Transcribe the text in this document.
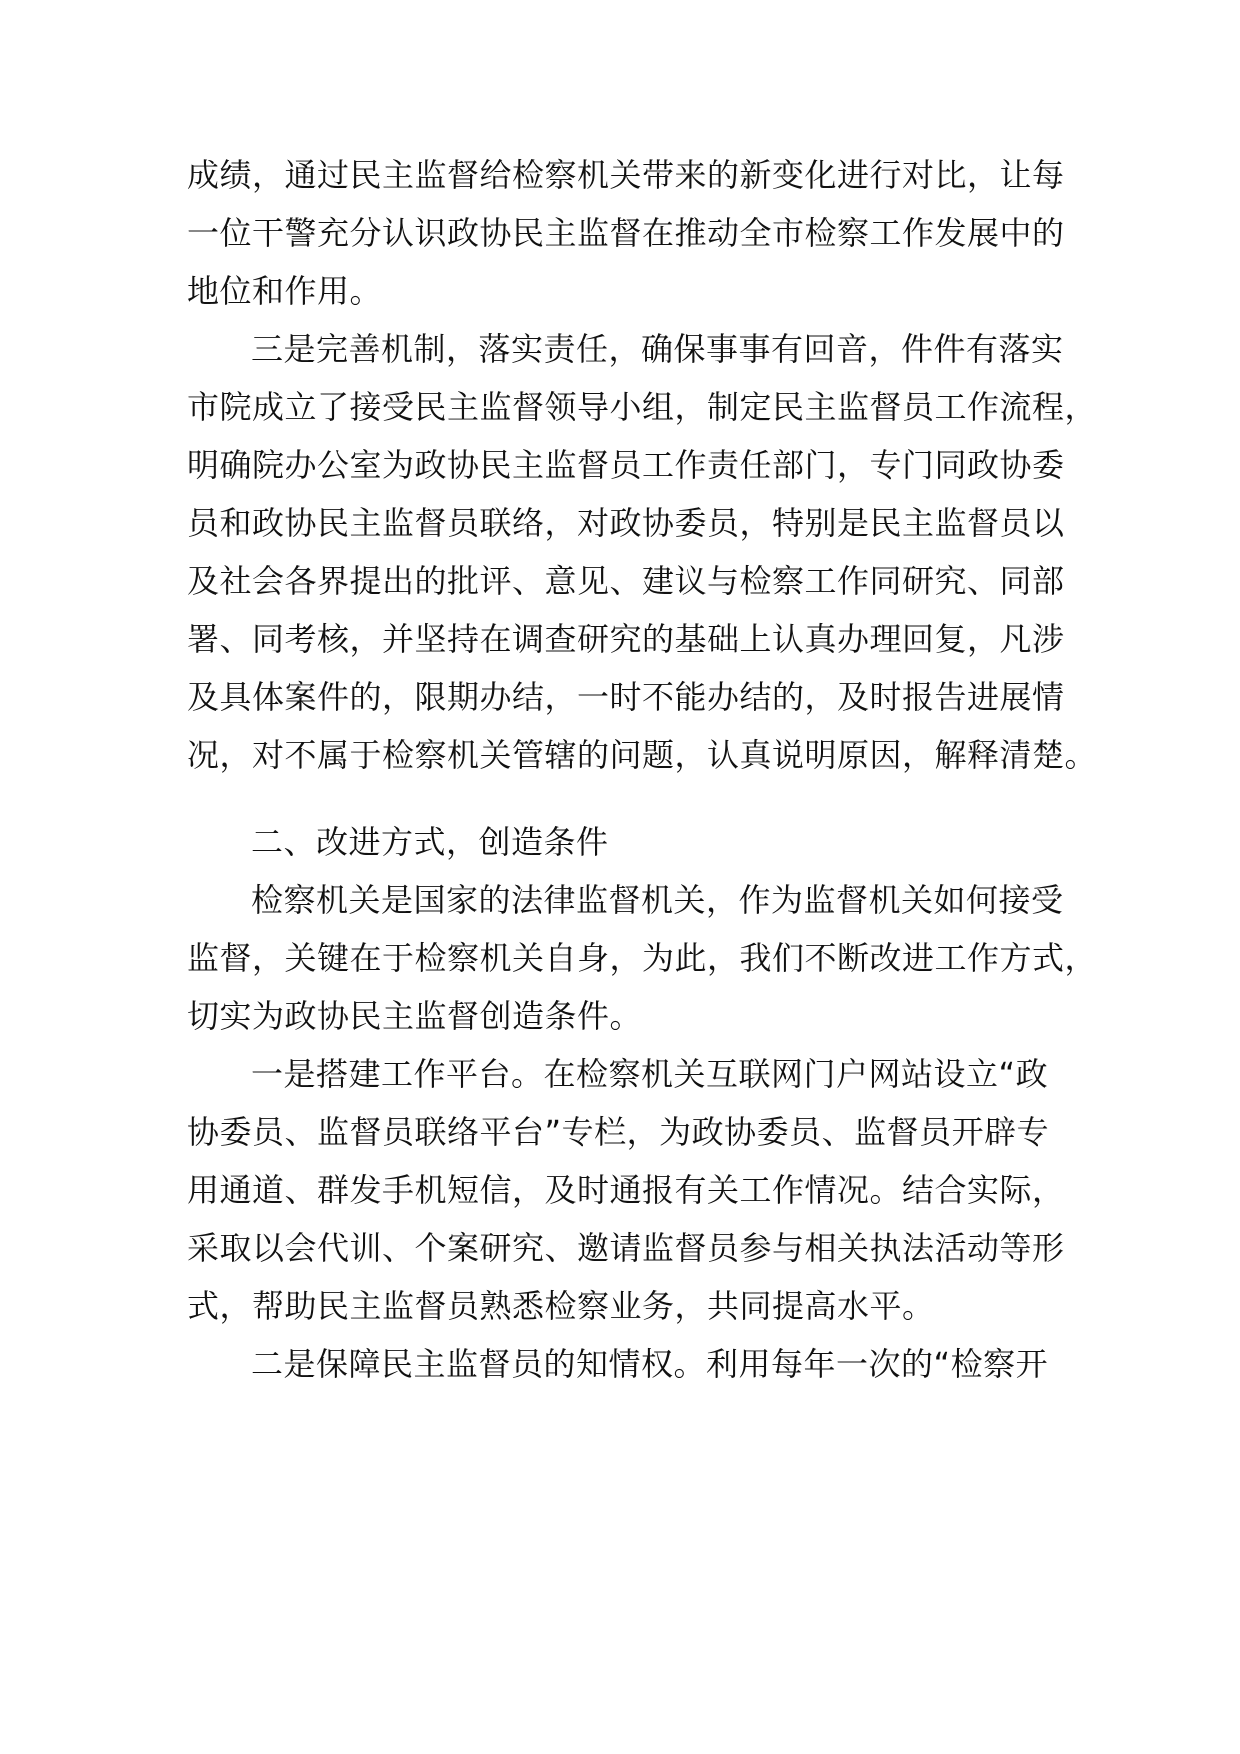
成绩，通过民主监督给检察机关带来的新变化进行对比，让每
一位干警充分认识政协民主监督在推动全市检察工作发展中的
地位和作用。
三是完善机制，落实责任，确保事事有回音，件件有落实
市院成立了接受民主监督领导小组，制定民主监督员工作流程，
明确院办公室为政协民主监督员工作责任部门，专门同政协委
员和政协民主监督员联络，对政协委员，特别是民主监督员以
及社会各界提出的批评、意见、建议与检察工作同研究、同部
署、同考核，并坚持在调查研究的基础上认真办理回复，凡涉
及具体案件的，限期办结，一时不能办结的，及时报告进展情
况，对不属于检察机关管辖的问题，认真说明原因，解释清楚。
二、改进方式，创造条件
检察机关是国家的法律监督机关，作为监督机关如何接受
监督，关键在于检察机关自身，为此，我们不断改进工作方式，
切实为政协民主监督创造条件。
一是搭建工作平台。在检察机关互联网门户网站设立“政
协委员、监督员联络平台”专栏，为政协委员、监督员开辟专
用通道、群发手机短信，及时通报有关工作情况。结合实际，
采取以会代训、个案研究、邀请监督员参与相关执法活动等形
式，帮助民主监督员熟悉检察业务，共同提高水平。
二是保障民主监督员的知情权。利用每年一次的“检察开
